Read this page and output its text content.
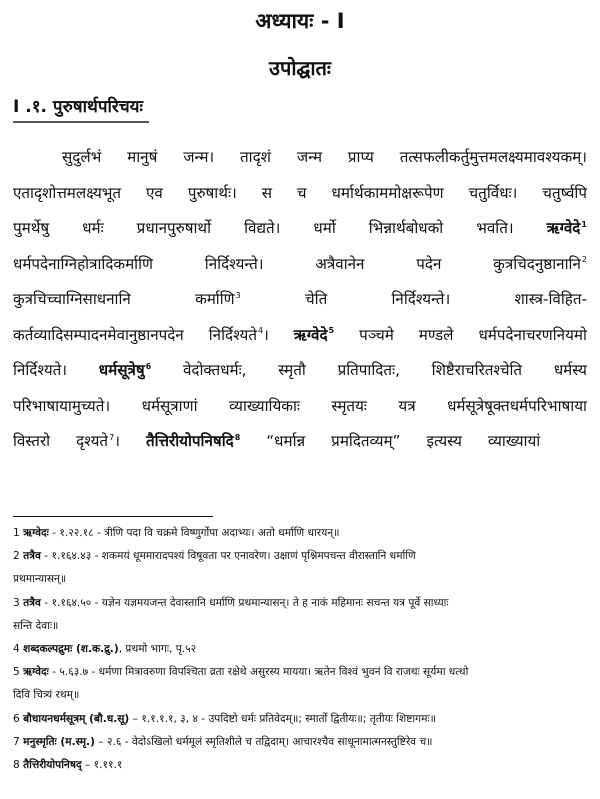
अध्यायः - I
उपोद्घातः
I .१. पुरुषार्थपरिचयः
सुदुर्लभं मानुषं जन्म। तादृशं जन्म प्राप्य तत्सफलीकर्तुमुत्तमलक्ष्यमावश्यकम्।
एतादृशोत्तमलक्ष्यभूत एव पुरुषार्थः। स च धर्मार्थकाममोक्षरूपेण चतुर्विधः। चतुर्ष्वपि
पुमर्थेषु धर्मः प्रधानपुरुषार्थो विद्यते। धर्मो भिन्नार्थबोधको भवति। ऋग्वेदे$^1$
धर्मपदेनाग्निहोत्रादिकर्माणि	निर्दिश्यन्ते।	अत्रैवानेन	पदेन	कुत्रचिदनुष्ठानानि$^2$
कुत्रचिच्चाग्निसाधनानि	कर्माणि$^3$	चेति	निर्दिश्यन्ते।	शास्त्र-विहित-
कर्तव्यादिसम्पादनमेवानुष्ठानपदेन निर्दिश्यते$^4$। ऋग्वेदे$^5$ पञ्चमे मण्डले धर्मपदेनाचरणनियमो
निर्दिश्यते। धर्मसूत्रेषु$^6$ वेदोक्तधर्मः, स्मृतौ प्रतिपादितः, शिष्टैराचरितश्चेति धर्मस्य
परिभाषायामुच्यते। धर्मसूत्राणां व्याख्यायिकाः स्मृतयः यत्र धर्मसूत्रेषूक्तधर्मपरिभाषाया
विस्तरो दृश्यते$^7$। तैत्तिरीयोपनिषदि$^8$ “धर्मान्न प्रमदितव्यम्” इत्यस्य व्याख्यायां
1 ऋग्वेदः - १.२२.१८ - त्रीणि पदा वि चक्रमे विष्णुर्गोपा अदाभ्यः। अतो धर्माणि धारयन्॥
2 तत्रैव - १.१६४.४३ - शकमयं धूममारादपश्यं विषूवता पर एनावरेण। उक्षाणं पृश्निमपचन्त वीरास्तानि धर्माणि
प्रथमान्यासन्॥
3 तत्रैव - १.१६४.५० - यज्ञेन यज्ञमयजन्त देवास्तानि धर्माणि प्रथमान्यासन्। ते ह नाकं महिमानः सचन्त यत्र पूर्वे साध्याः
सन्ति देवाः॥
4 शब्दकल्पद्रुमः (श.क.द्रु.), प्रथमो भागः, पृ.५२
5 ऋग्वेदः - ५.६३.७ - धर्मणा मित्रावरुणा विपश्चिता व्रता रक्षेथे असुरस्य मायया। ऋतेन विश्वं भुवनं वि राजथः सूर्यमा धत्थो
दिवि चित्र्यं रथम्॥
6 बौधायनधर्मसूत्रम् (बौ.ध.सू) – १.१.१.१, ३, ४ - उपदिष्टो धर्मः प्रतिवेदम्॥; स्मार्तो द्वितीयः॥; तृतीयः शिष्टागमः॥
7 मनुस्मृतिः (म.स्मृ.) – २.६ - वेदोऽखिलो धर्ममूलं स्मृतिशीले च तद्विदाम्। आचारश्चैव साधूनामात्मनस्तुष्टिरेव च॥
8 तैत्तिरीयोपनिषद् – १.११.१
